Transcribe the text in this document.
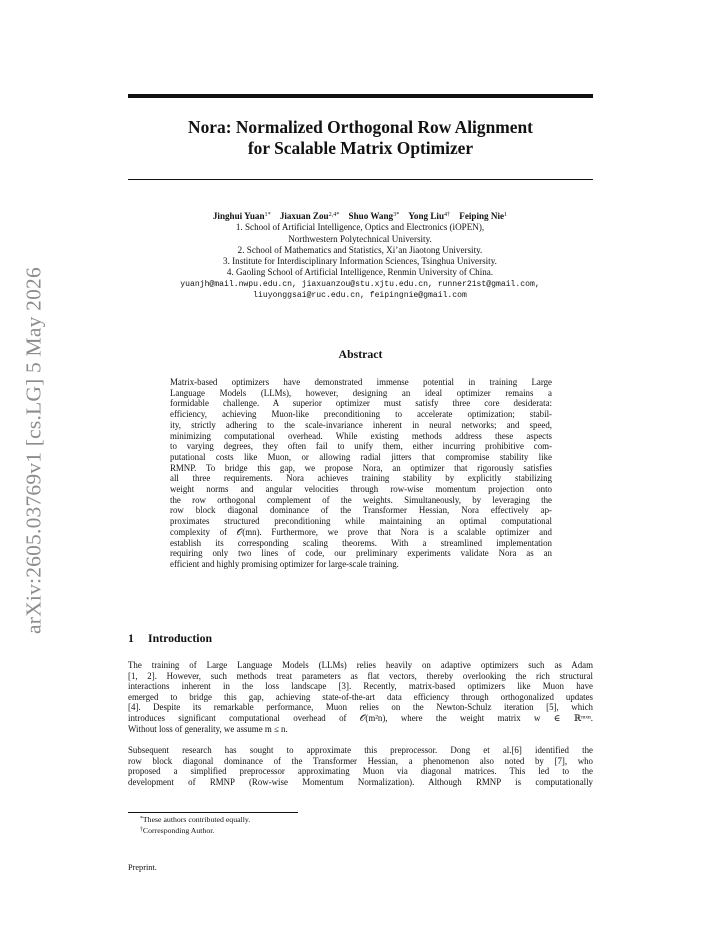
arXiv:2605.03769v1 [cs.LG] 5 May 2026
Nora: Normalized Orthogonal Row Alignment
for Scalable Matrix Optimizer
Jinghui Yuan$^{1*}$ Jiaxuan Zou$^{2,4*}$ Shuo Wang$^{3*}$ Yong Liu$^{4\dagger}$ Feiping Nie$^1$
1. School of Artificial Intelligence, Optics and Electronics (iOPEN),
Northwestern Polytechnical University.
2. School of Mathematics and Statistics, Xi’an Jiaotong University.
3. Institute for Interdisciplinary Information Sciences, Tsinghua University.
4. Gaoling School of Artificial Intelligence, Renmin University of China.
yuanjh@mail.nwpu.edu.cn, jiaxuanzou@stu.xjtu.edu.cn, runner21st@gmail.com,
liuyonggsai@ruc.edu.cn, feipingnie@gmail.com
Abstract
Matrix-based optimizers have demonstrated immense potential in training Large
Language Models (LLMs), however, designing an ideal optimizer remains a
formidable challenge. A superior optimizer must satisfy three core desiderata:
efficiency, achieving Muon-like preconditioning to accelerate optimization; stabil-
ity, strictly adhering to the scale-invariance inherent in neural networks; and speed,
minimizing computational overhead. While existing methods address these aspects
to varying degrees, they often fail to unify them, either incurring prohibitive com-
putational costs like Muon, or allowing radial jitters that compromise stability like
RMNP. To bridge this gap, we propose Nora, an optimizer that rigorously satisfies
all three requirements. Nora achieves training stability by explicitly stabilizing
weight norms and angular velocities through row-wise momentum projection onto
the row orthogonal complement of the weights. Simultaneously, by leveraging the
row block diagonal dominance of the Transformer Hessian, Nora effectively ap-
proximates structured preconditioning while maintaining an optimal computational
complexity of 𝒪(mn). Furthermore, we prove that Nora is a scalable optimizer and
establish its corresponding scaling theorems. With a streamlined implementation
requiring only two lines of code, our preliminary experiments validate Nora as an
efficient and highly promising optimizer for large-scale training.
1 Introduction
The training of Large Language Models (LLMs) relies heavily on adaptive optimizers such as Adam
[1, 2]. However, such methods treat parameters as flat vectors, thereby overlooking the rich structural
interactions inherent in the loss landscape [3]. Recently, matrix-based optimizers like Muon have
emerged to bridge this gap, achieving state-of-the-art data efficiency through orthogonalized updates
[4]. Despite its remarkable performance, Muon relies on the Newton-Schulz iteration [5], which
introduces significant computational overhead of 𝒪(m²n), where the weight matrix w ∈ ℝᵐˣⁿ.
Without loss of generality, we assume m ≤ n.
Subsequent research has sought to approximate this preprocessor. Dong et al.[6] identified the
row block diagonal dominance of the Transformer Hessian, a phenomenon also noted by [7], who
proposed a simplified preprocessor approximating Muon via diagonal matrices. This led to the
development of RMNP (Row-wise Momentum Normalization). Although RMNP is computationally
*These authors contributed equally.
†Corresponding Author.
Preprint.
